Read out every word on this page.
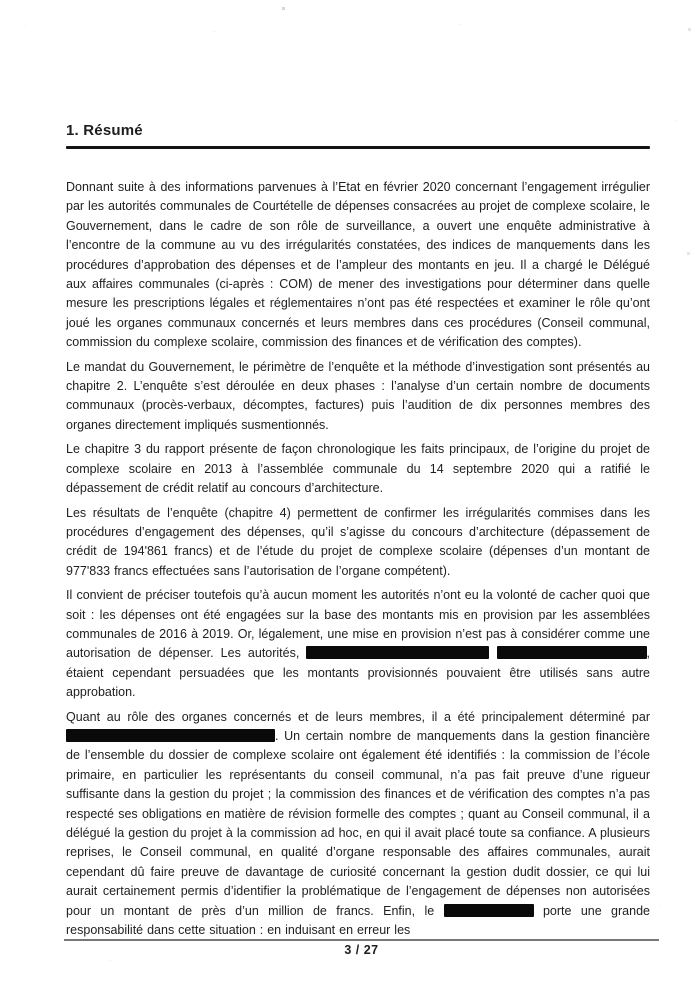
1. Résumé

Donnant suite à des informations parvenues à l’Etat en février 2020 concernant l’engagement irrégulier par les autorités communales de Courtételle de dépenses consacrées au projet de complexe scolaire, le Gouvernement, dans le cadre de son rôle de surveillance, a ouvert une enquête administrative à l’encontre de la commune au vu des irrégularités constatées, des indices de manquements dans les procédures d’approbation des dépenses et de l’ampleur des montants en jeu. Il a chargé le Délégué aux affaires communales (ci-après : COM) de mener des investigations pour déterminer dans quelle mesure les prescriptions légales et réglementaires n’ont pas été respectées et examiner le rôle qu’ont joué les organes communaux concernés et leurs membres dans ces procédures (Conseil communal, commission du complexe scolaire, commission des finances et de vérification des comptes).

Le mandat du Gouvernement, le périmètre de l’enquête et la méthode d’investigation sont présentés au chapitre 2. L’enquête s’est déroulée en deux phases : l’analyse d’un certain nombre de documents communaux (procès-verbaux, décomptes, factures) puis l’audition de dix personnes membres des organes directement impliqués susmentionnés.

Le chapitre 3 du rapport présente de façon chronologique les faits principaux, de l’origine du projet de complexe scolaire en 2013 à l’assemblée communale du 14 septembre 2020 qui a ratifié le dépassement de crédit relatif au concours d’architecture.

Les résultats de l’enquête (chapitre 4) permettent de confirmer les irrégularités commises dans les procédures d’engagement des dépenses, qu’il s’agisse du concours d’architecture (dépassement de crédit de 194'861 francs) et de l’étude du projet de complexe scolaire (dépenses d’un montant de 977'833 francs effectuées sans l’autorisation de l’organe compétent).

Il convient de préciser toutefois qu’à aucun moment les autorités n’ont eu la volonté de cacher quoi que soit : les dépenses ont été engagées sur la base des montants mis en provision par les assemblées communales de 2016 à 2019. Or, légalement, une mise en provision n’est pas à considérer comme une autorisation de dépenser. Les autorités,	, étaient cependant persuadées que les montants provisionnés pouvaient être utilisés sans autre approbation.

Quant au rôle des organes concernés et de leurs membres, il a été principalement déterminé par . Un certain nombre de manquements dans la gestion financière de l’ensemble du dossier de complexe scolaire ont également été identifiés : la commission de l’école primaire, en particulier les représentants du conseil communal, n’a pas fait preuve d’une rigueur suffisante dans la gestion du projet ; la commission des finances et de vérification des comptes n’a pas respecté ses obligations en matière de révision formelle des comptes ; quant au Conseil communal, il a délégué la gestion du projet à la commission ad hoc, en qui il avait placé toute sa confiance. A plusieurs reprises, le Conseil communal, en qualité d’organe responsable des affaires communales, aurait cependant dû faire preuve de davantage de curiosité concernant la gestion dudit dossier, ce qui lui aurait certainement permis d’identifier la problématique de l’engagement de dépenses non autorisées pour un montant de près d’un million de francs. Enfin, le	porte une grande responsabilité dans cette situation : en induisant en erreur les

3 / 27
